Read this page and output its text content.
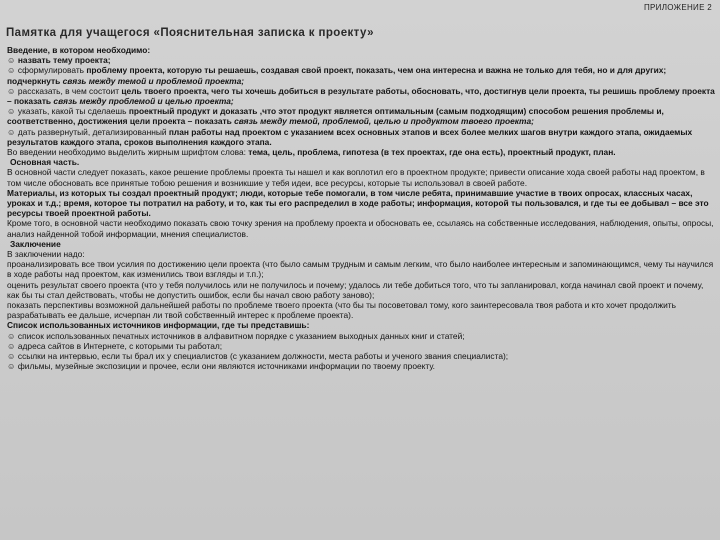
ПРИЛОЖЕНИЕ 2
Памятка для учащегося «Пояснительная записка к проекту»

Введение, в котором необходимо:

☺ назвать тему проекта;

☺ сформулировать проблему проекта, которую ты решаешь, создавая свой проект, показать, чем она интересна и важна не только для тебя, но и для других; подчеркнуть связь между темой и проблемой проекта;

☺ рассказать, в чем состоит цель твоего проекта, чего ты хочешь добиться в результате работы, обосновать, что, достигнув цели проекта, ты решишь проблему проекта – показать связь между проблемой и целью проекта;

☺ указать, какой ты сделаешь проектный продукт и доказать ,что этот продукт является оптимальным (самым подходящим) способом решения проблемы и, соответственно, достижения цели проекта – показать связь между темой, проблемой, целью и продуктом твоего проекта;

☺ дать развернутый, детализированный план работы над проектом с указанием всех основных этапов и всех более мелких шагов внутри каждого этапа, ожидаемых результатов каждого этапа, сроков выполнения каждого этапа.

Во введении необходимо выделить жирным шрифтом слова: тема, цель, проблема, гипотеза (в тех проектах, где она есть), проектный продукт, план.

Основная часть.

В основной части следует показать, какое решение проблемы проекта ты нашел и как воплотил его в проектном продукте; привести описание хода своей работы над проектом, в том числе обосновать все принятые тобою решения и возникшие у тебя идеи, все ресурсы, которые ты использовал в своей работе.

Материалы, из которых ты создал проектный продукт; люди, которые тебе помогали, в том числе ребята, принимавшие участие в твоих опросах, классных часах, уроках и т.д.; время, которое ты потратил на работу, и то, как ты его распределил в ходе работы; информация, которой ты пользовался, и где ты ее добывал – все это ресурсы твоей проектной работы.

Кроме того, в основной части необходимо показать свою точку зрения на проблему проекта и обосновать ее, ссылаясь на собственные исследования, наблюдения, опыты, опросы, анализ найденной тобой информации, мнения специалистов.

Заключение

В заключении надо:

проанализировать все твои усилия по достижению цели проекта (что было самым трудным и самым легким, что было наиболее интересным и запоминающимся, чему ты научился в ходе работы над проектом, как изменились твои взгляды и т.п.);

оценить результат своего проекта (что у тебя получилось или не получилось и почему; удалось ли тебе добиться того, что ты запланировал, когда начинал свой проект и почему, как бы ты стал действовать, чтобы не допустить ошибок, если бы начал свою работу заново);

показать перспективы возможной дальнейшей работы по проблеме твоего проекта (что бы ты посоветовал тому, кого заинтересовала твоя работа и кто хочет продолжить разрабатывать ее дальше, исчерпан ли твой собственный интерес к проблеме проекта).

Список использованных источников информации, где ты представишь:

☺ список использованных печатных источников в алфавитном порядке с указанием выходных данных книг и статей;

☺ адреса сайтов в Интернете, с которыми ты работал;

☺ ссылки на интервью, если ты брал их у специалистов (с указанием должности, места работы и ученого звания специалиста);

☺ фильмы, музейные экспозиции и прочее, если они являются источниками информации по твоему проекту.
